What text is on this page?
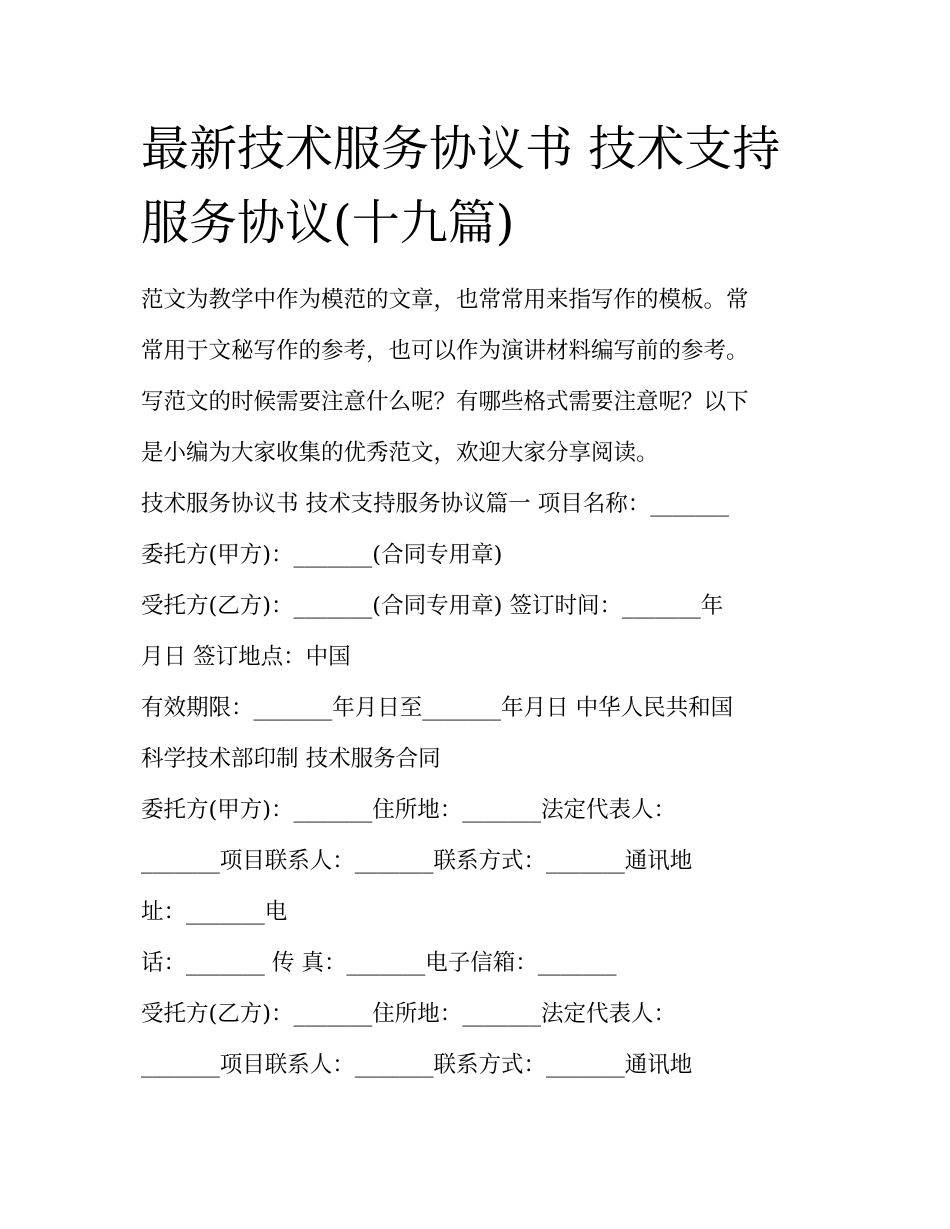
最新技术服务协议书 技术支持
服务协议(十九篇)

范文为教学中作为模范的文章，也常常用来指写作的模板。常

常用于文秘写作的参考，也可以作为演讲材料编写前的参考。

写范文的时候需要注意什么呢？有哪些格式需要注意呢？以下

是小编为大家收集的优秀范文，欢迎大家分享阅读。

技术服务协议书 技术支持服务协议篇一 项目名称：_______

委托方(甲方)：_______(合同专用章)

受托方(乙方)：_______(合同专用章) 签订时间：_______年

月日 签订地点：中国

有效期限：_______年月日至_______年月日 中华人民共和国

科学技术部印制 技术服务合同

委托方(甲方)：_______住所地：_______法定代表人：

_______项目联系人：_______联系方式：_______通讯地

址：_______电

话：_______ 传 真：_______电子信箱：_______

受托方(乙方)：_______住所地：_______法定代表人：

_______项目联系人：_______联系方式：_______通讯地
